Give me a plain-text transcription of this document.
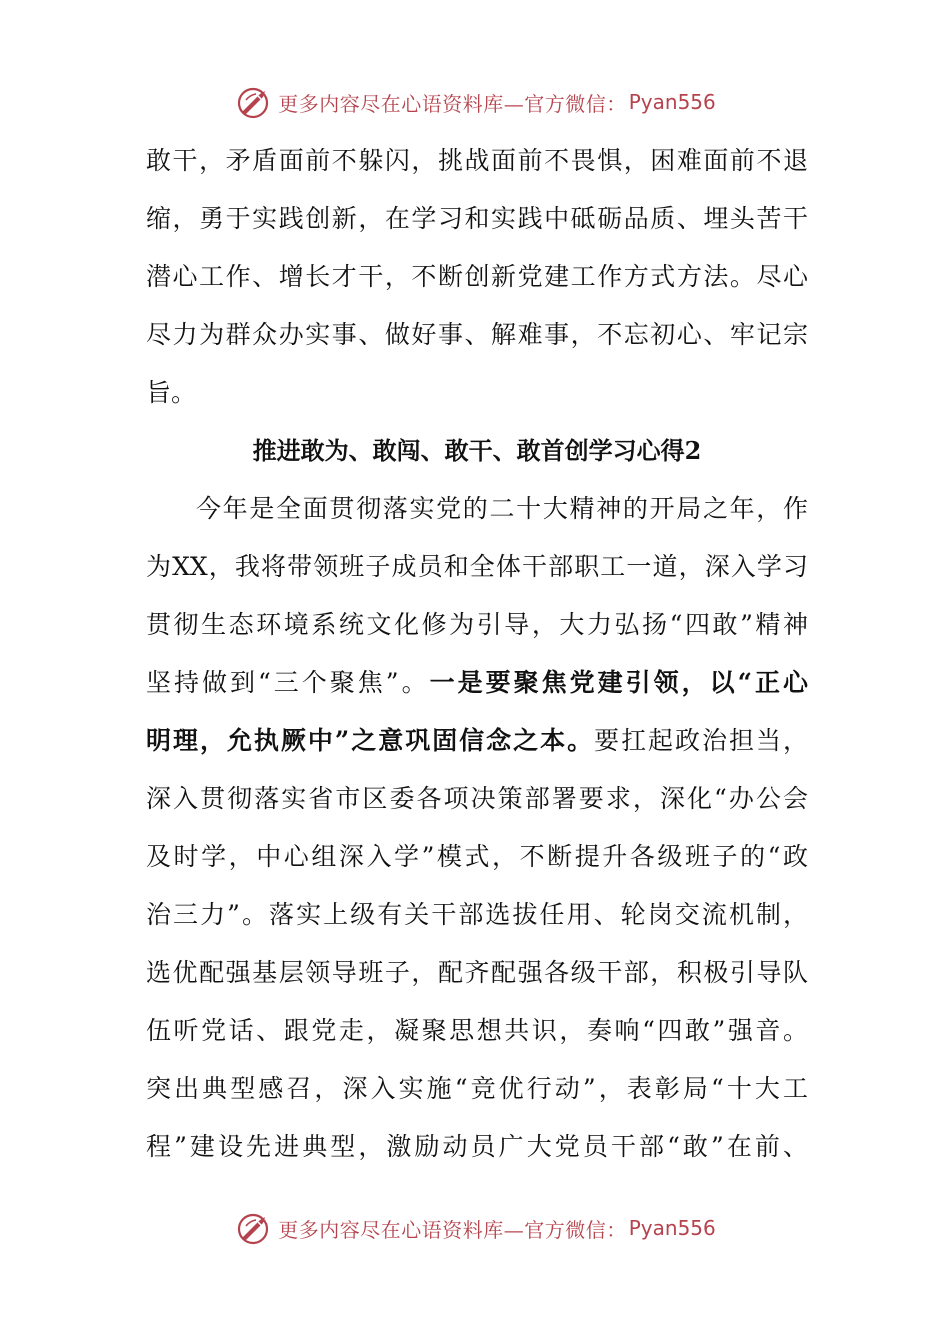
更多内容尽在心语资料库—官方微信： Pyan556
敢干，矛盾面前不躲闪，挑战面前不畏惧，困难面前不退
缩，勇于实践创新，在学习和实践中砥砺品质、埋头苦干
潜心工作、增长才干，不断创新党建工作方式方法。尽心
尽力为群众办实事、做好事、解难事，不忘初心、牢记宗
旨。
推进敢为、敢闯、敢干、敢首创学习心得2
今年是全面贯彻落实党的二十大精神的开局之年，作
为XX，我将带领班子成员和全体干部职工一道，深入学习
贯彻生态环境系统文化修为引导，大力弘扬“四敢”精神
坚持做到“三个聚焦”。一是要聚焦党建引领，以“正心
明理，允执厥中”之意巩固信念之本。要扛起政治担当，
深入贯彻落实省市区委各项决策部署要求，深化“办公会
及时学，中心组深入学”模式，不断提升各级班子的“政
治三力”。落实上级有关干部选拔任用、轮岗交流机制，
选优配强基层领导班子，配齐配强各级干部，积极引导队
伍听党话、跟党走，凝聚思想共识，奏响“四敢”强音。
突出典型感召，深入实施“竞优行动”，表彰局“十大工
程”建设先进典型，激励动员广大党员干部“敢”在前、
更多内容尽在心语资料库—官方微信： Pyan556
